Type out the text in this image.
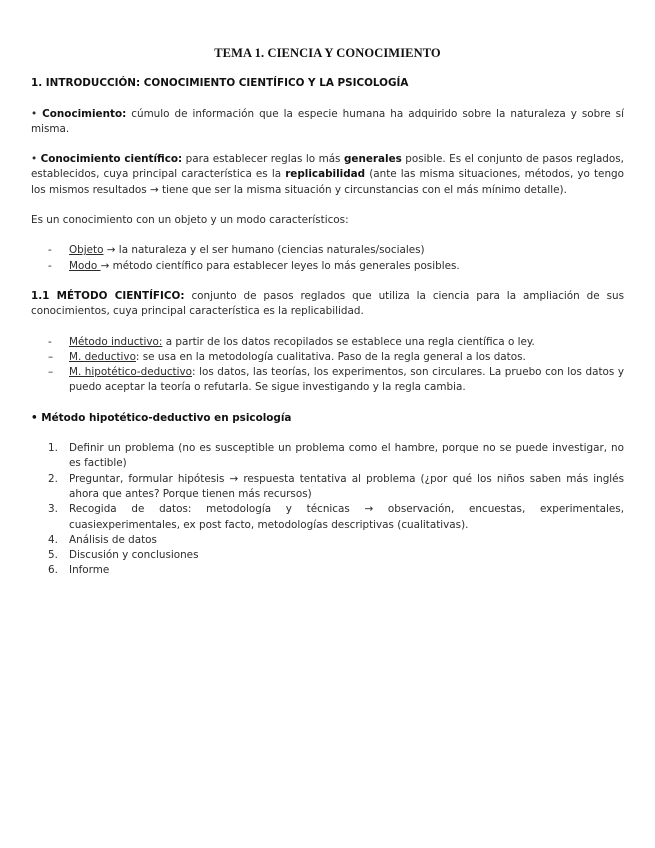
TEMA 1. CIENCIA Y CONOCIMIENTO
1. INTRODUCCIÓN: CONOCIMIENTO CIENTÍFICO Y LA PSICOLOGÍA
• Conocimiento: cúmulo de información que la especie humana ha adquirido sobre la naturaleza y sobre sí misma.
• Conocimiento científico: para establecer reglas lo más generales posible. Es el conjunto de pasos reglados, establecidos, cuya principal característica es la replicabilidad (ante las misma situaciones, métodos, yo tengo los mismos resultados → tiene que ser la misma situación y circunstancias con el más mínimo detalle).
Es un conocimiento con un objeto y un modo característicos:
- Objeto → la naturaleza y el ser humano (ciencias naturales/sociales)
- Modo → método científico para establecer leyes lo más generales posibles.
1.1 MÉTODO CIENTÍFICO: conjunto de pasos reglados que utiliza la ciencia para la ampliación de sus conocimientos, cuya principal característica es la replicabilidad.
- Método inductivo: a partir de los datos recopilados se establece una regla científica o ley.
– M. deductivo: se usa en la metodología cualitativa. Paso de la regla general a los datos.
– M. hipotético-deductivo: los datos, las teorías, los experimentos, son circulares. La pruebo con los datos y puedo aceptar la teoría o refutarla. Se sigue investigando y la regla cambia.
• Método hipotético-deductivo en psicología
1. Definir un problema (no es susceptible un problema como el hambre, porque no se puede investigar, no es factible)
2. Preguntar, formular hipótesis → respuesta tentativa al problema (¿por qué los niños saben más inglés ahora que antes? Porque tienen más recursos)
3. Recogida de datos: metodología y técnicas → observación, encuestas, experimentales, cuasiexperimentales, ex post facto, metodologías descriptivas (cualitativas).
4. Análisis de datos
5. Discusión y conclusiones
6. Informe
